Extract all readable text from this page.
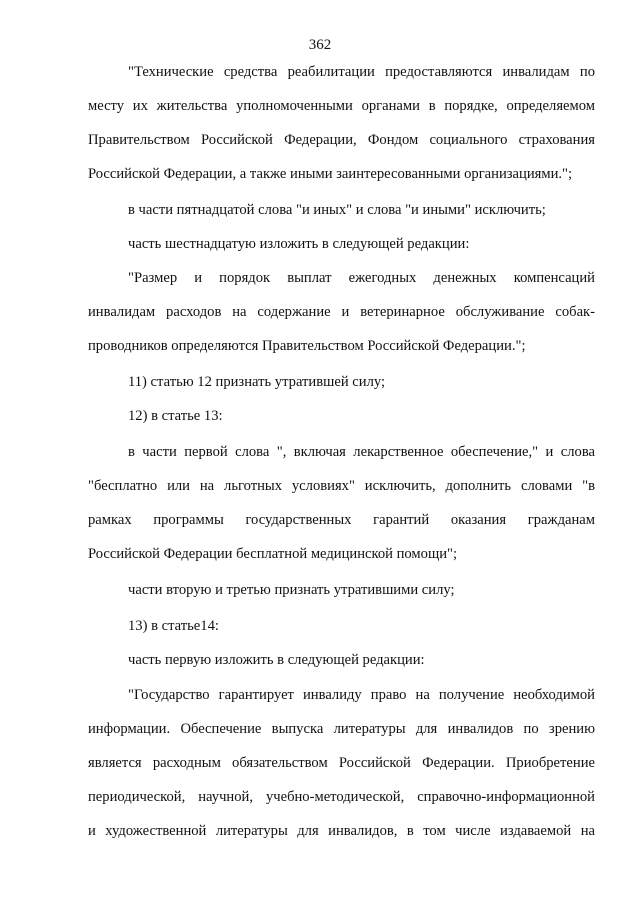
362
"Технические средства реабилитации предоставляются инвалидам по
месту их жительства уполномоченными органами в порядке, определяемом
Правительством Российской Федерации, Фондом социального страхования
Российской Федерации, а также иными заинтересованными организациями.";
в части пятнадцатой слова "и иных" и слова "и иными" исключить;
часть шестнадцатую изложить в следующей редакции:
"Размер и порядок выплат ежегодных денежных компенсаций
инвалидам расходов на содержание и ветеринарное обслуживание собак-
проводников определяются Правительством Российской Федерации.";
11) статью 12 признать утратившей силу;
12) в статье 13:
в части первой слова ", включая лекарственное обеспечение," и слова
"бесплатно или на льготных условиях" исключить, дополнить словами "в
рамках программы государственных гарантий оказания гражданам
Российской Федерации бесплатной медицинской помощи";
части вторую и третью признать утратившими силу;
13) в статье14:
часть первую изложить в следующей редакции:
"Государство гарантирует инвалиду право на получение необходимой
информации. Обеспечение выпуска литературы для инвалидов по зрению
является расходным обязательством Российской Федерации. Приобретение
периодической, научной, учебно-методической, справочно-информационной
и художественной литературы для инвалидов, в том числе издаваемой на
